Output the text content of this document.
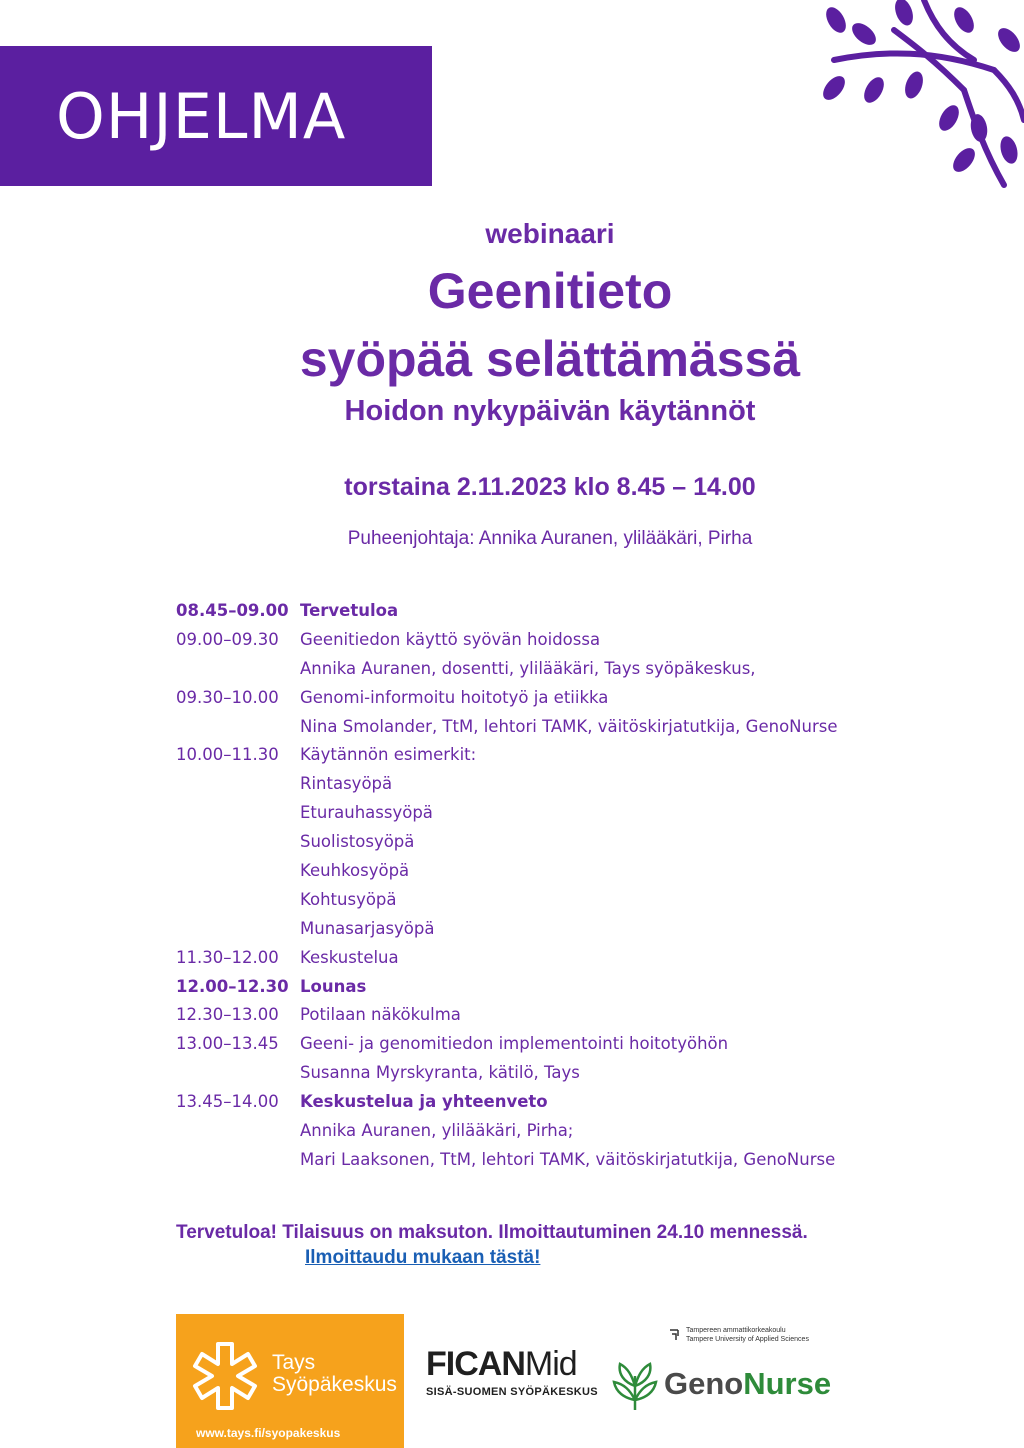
OHJELMA
webinaari
Geenitieto
syöpää selättämässä
Hoidon nykypäivän käytännöt
torstaina 2.11.2023 klo 8.45 – 14.00
Puheenjohtaja: Annika Auranen, ylilääkäri, Pirha
08.45–09.00 Tervetuloa
09.00–09.30	Geenitiedon käyttö syövän hoidossa
Annika Auranen, dosentti, ylilääkäri, Tays syöpäkeskus,
09.30–10.00	Genomi-informoitu hoitotyö ja etiikka
Nina Smolander, TtM, lehtori TAMK, väitöskirjatutkija, GenoNurse
10.00–11.30	Käytännön esimerkit:
Rintasyöpä
Eturauhassyöpä
Suolistosyöpä
Keuhkosyöpä
Kohtusyöpä
Munasarjasyöpä
11.30–12.00	Keskustelua
12.00–12.30 Lounas
12.30–13.00	Potilaan näkökulma
13.00–13.45	Geeni- ja genomitiedon implementointi hoitotyöhön
Susanna Myrskyranta, kätilö, Tays
13.45–14.00	Keskustelua ja yhteenveto
Annika Auranen, ylilääkäri, Pirha;
Mari Laaksonen, TtM, lehtori TAMK, väitöskirjatutkija, GenoNurse
Tervetuloa! Tilaisuus on maksuton. Ilmoittautuminen 24.10 mennessä.
Ilmoittaudu mukaan tästä!
Tays
Syöpäkeskus
www.tays.fi/syopakeskus
FICANMid
SISÄ-SUOMEN SYÖPÄKESKUS
Tampereen ammattikorkeakoulu
Tampere University of Applied Sciences
GenoNurse
